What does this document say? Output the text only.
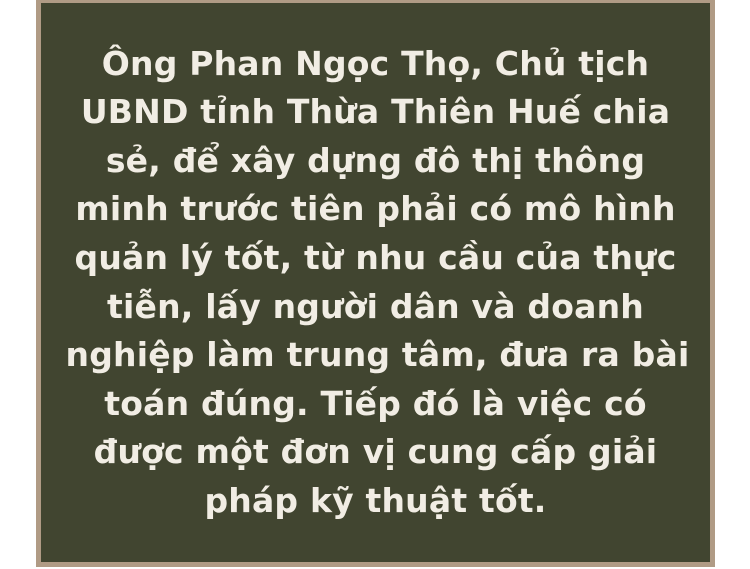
Ông Phan Ngọc Thọ, Chủ tịch
UBND tỉnh Thừa Thiên Huế chia
sẻ, để xây dựng đô thị thông
minh trước tiên phải có mô hình
quản lý tốt, từ nhu cầu của thực
tiễn, lấy người dân và doanh
nghiệp làm trung tâm, đưa ra bài
toán đúng. Tiếp đó là việc có
được một đơn vị cung cấp giải
pháp kỹ thuật tốt.
